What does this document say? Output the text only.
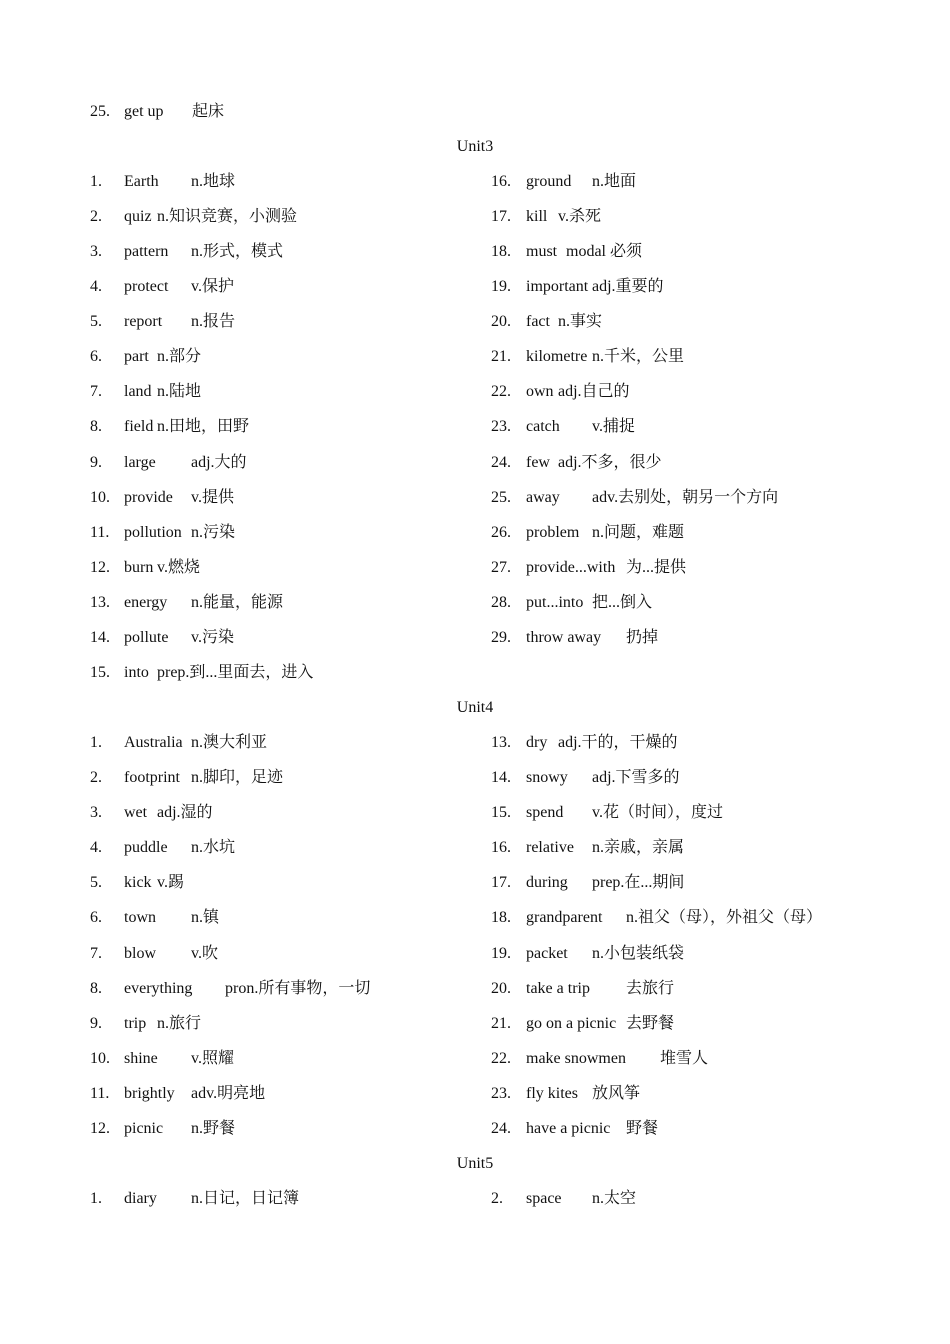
25. get up 起床
Unit3
1. Earth n.地球
2. quiz n.知识竞赛，小测验
3. pattern n.形式，模式
4. protect v.保护
5. report n.报告
6. part n.部分
7. land n.陆地
8. field n.田地，田野
9. large adj.大的
10. provide v.提供
11. pollution n.污染
12. burn v.燃烧
13. energy n.能量，能源
14. pollute v.污染
15. into prep.到...里面去，进入
16. ground n.地面
17. kill v.杀死
18. must modal 必须
19. important adj.重要的
20. fact n.事实
21. kilometre n.千米，公里
22. own adj.自己的
23. catch v.捕捉
24. few adj.不多，很少
25. away adv.去别处，朝另一个方向
26. problem n.问题，难题
27. provide...with 为...提供
28. put...into 把...倒入
29. throw away 扔掉
Unit4
1. Australia n.澳大利亚
2. footprint n.脚印，足迹
3. wet adj.湿的
4. puddle n.水坑
5. kick v.踢
6. town n.镇
7. blow v.吹
8. everything pron.所有事物，一切
9. trip n.旅行
10. shine v.照耀
11. brightly adv.明亮地
12. picnic n.野餐
13. dry adj.干的，干燥的
14. snowy adj.下雪多的
15. spend v.花（时间），度过
16. relative n.亲戚，亲属
17. during prep.在...期间
18. grandparent n.祖父（母），外祖父（母）
19. packet n.小包装纸袋
20. take a trip 去旅行
21. go on a picnic 去野餐
22. make snowmen 堆雪人
23. fly kites 放风筝
24. have a picnic 野餐
Unit5
1. diary n.日记，日记簿	2. space n.太空
